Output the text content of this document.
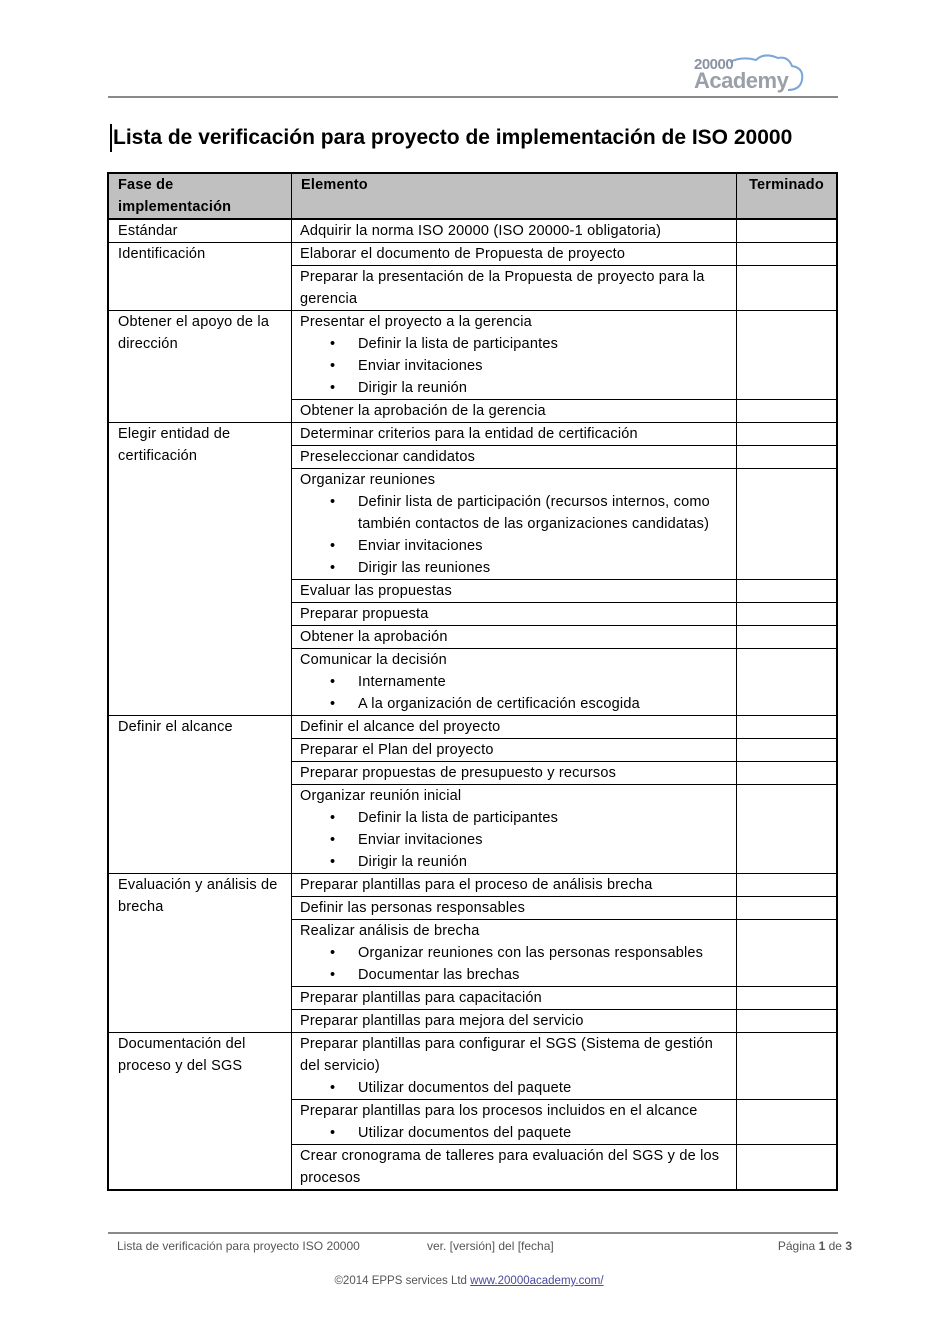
20000
Academy
Lista de verificación para proyecto de implementación de ISO 20000
Fase de implementación	Elemento	Terminado
Estándar	Adquirir la norma ISO 20000 (ISO 20000-1 obligatoria)	

Identificación	Elaborar el documento de Propuesta de proyecto	

	Preparar la presentación de la Propuesta de proyecto para la gerencia	

Obtener el apoyo de la dirección	Presentar el proyecto a la gerencia
• Definir la lista de participantes
• Enviar invitaciones
• Dirigir la reunión

	Obtener la aprobación de la gerencia	

Elegir entidad de certificación	Determinar criterios para la entidad de certificación	

	Preseleccionar candidatos	

	Organizar reuniones
• Definir lista de participación (recursos internos, como también contactos de las organizaciones candidatas)
• Enviar invitaciones
• Dirigir las reuniones

	Evaluar las propuestas	

	Preparar propuesta	

	Obtener la aprobación	

	Comunicar la decisión
• Internamente
• A la organización de certificación escogida

Definir el alcance	Definir el alcance del proyecto	

	Preparar el Plan del proyecto	

	Preparar propuestas de presupuesto y recursos	

	Organizar reunión inicial
• Definir la lista de participantes
• Enviar invitaciones
• Dirigir la reunión

Evaluación y análisis de brecha	Preparar plantillas para el proceso de análisis brecha	

	Definir las personas responsables	

	Realizar análisis de brecha
• Organizar reuniones con las personas responsables
• Documentar las brechas

	Preparar plantillas para capacitación	

	Preparar plantillas para mejora del servicio	

Documentación del proceso y del SGS	Preparar plantillas para configurar el SGS (Sistema de gestión del servicio)
• Utilizar documentos del paquete

	Preparar plantillas para los procesos incluidos en el alcance
• Utilizar documentos del paquete

	Crear cronograma de talleres para evaluación del SGS y de los procesos	

Lista de verificación para proyecto ISO 20000	ver. [versión] del [fecha]	Página 1 de 3
©2014 EPPS services Ltd www.20000academy.com/
